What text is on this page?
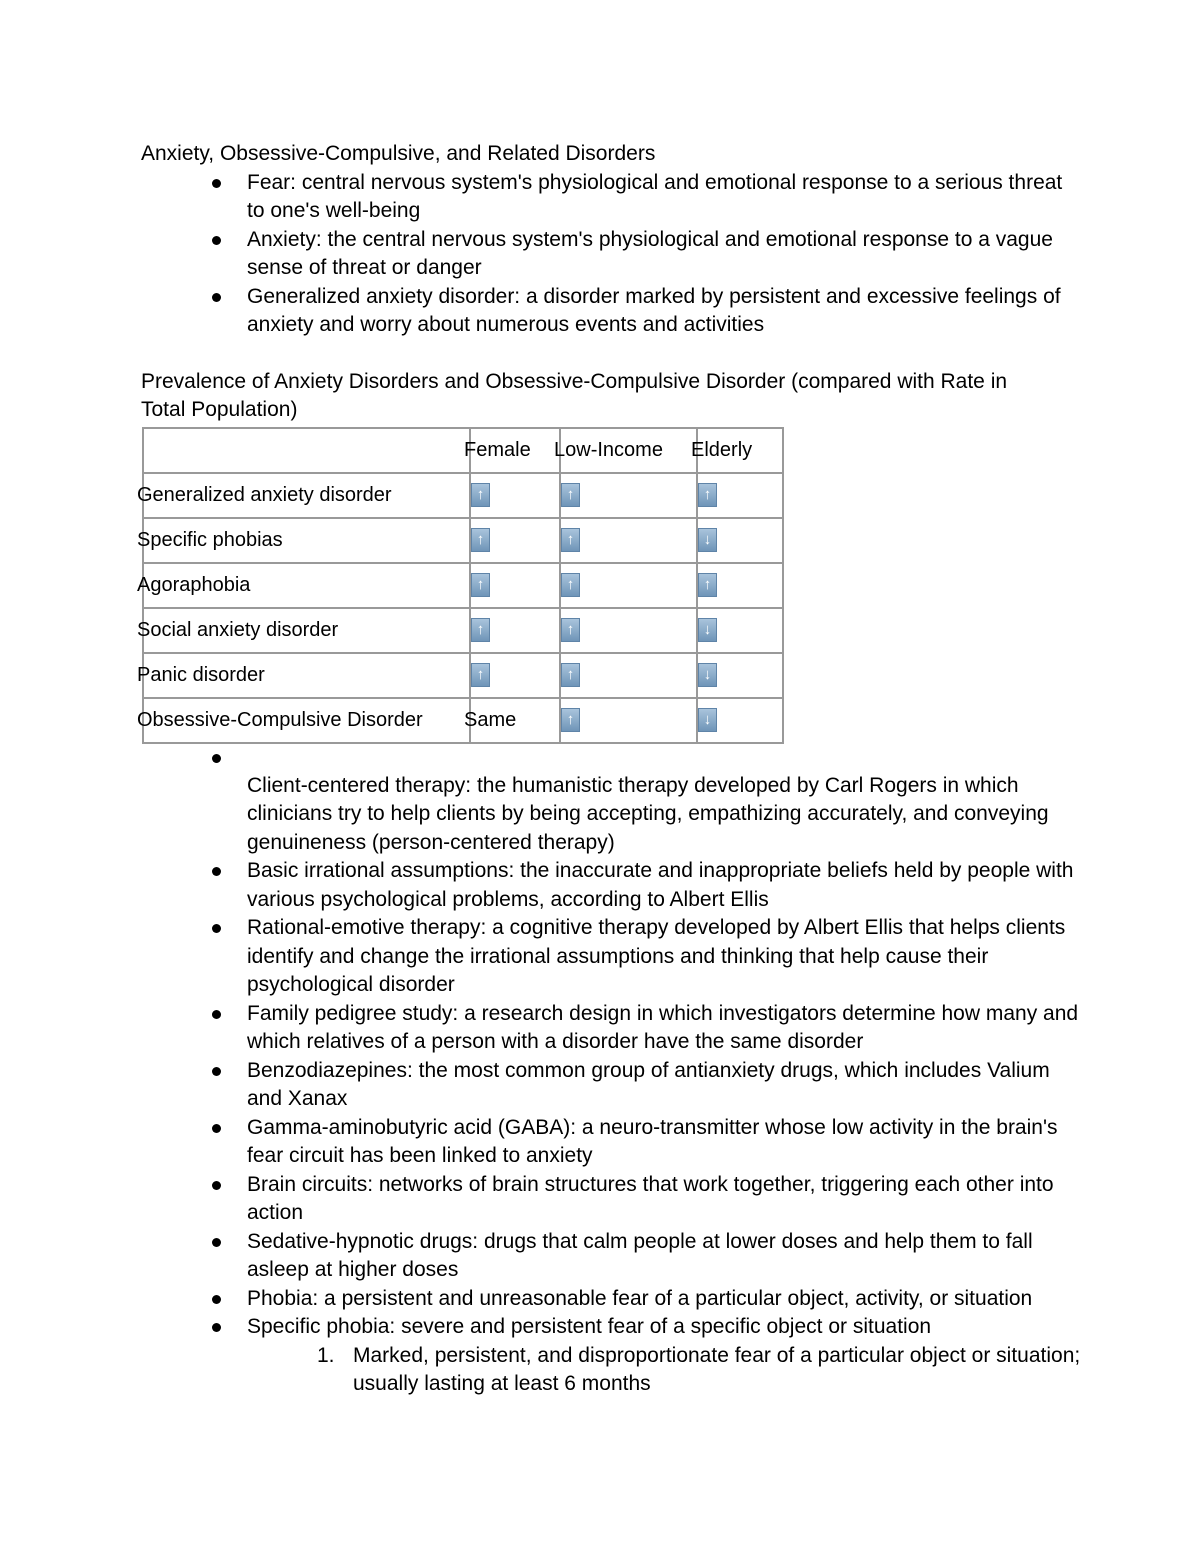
Anxiety, Obsessive-Compulsive, and Related Disorders

Fear: central nervous system's physiological and emotional response to a serious threat to one's well-being
Anxiety: the central nervous system's physiological and emotional response to a vague sense of threat or danger
Generalized anxiety disorder: a disorder marked by persistent and excessive feelings of anxiety and worry about numerous events and activities

Prevalence of Anxiety Disorders and Obsessive-Compulsive Disorder (compared with Rate in Total Population)

	Female	Low-Income	Elderly

Generalized anxiety disorder	↑	↑	↑

Specific phobias	↑	↑	↓

Agoraphobia	↑	↑	↑

Social anxiety disorder	↑	↑	↓

Panic disorder	↑	↑	↓

Obsessive-Compulsive Disorder	Same	↑	↓
Client-centered therapy: the humanistic therapy developed by Carl Rogers in which clinicians try to help clients by being accepting, empathizing accurately, and conveying genuineness (person-centered therapy)
Basic irrational assumptions: the inaccurate and inappropriate beliefs held by people with various psychological problems, according to Albert Ellis
Rational-emotive therapy: a cognitive therapy developed by Albert Ellis that helps clients identify and change the irrational assumptions and thinking that help cause their psychological disorder
Family pedigree study: a research design in which investigators determine how many and which relatives of a person with a disorder have the same disorder
Benzodiazepines: the most common group of antianxiety drugs, which includes Valium and Xanax
Gamma-aminobutyric acid (GABA): a neuro-transmitter whose low activity in the brain's fear circuit has been linked to anxiety
Brain circuits: networks of brain structures that work together, triggering each other into action
Sedative-hypnotic drugs: drugs that calm people at lower doses and help them to fall asleep at higher doses
Phobia: a persistent and unreasonable fear of a particular object, activity, or situation
Specific phobia: severe and persistent fear of a specific object or situation
1. Marked, persistent, and disproportionate fear of a particular object or situation; usually lasting at least 6 months
